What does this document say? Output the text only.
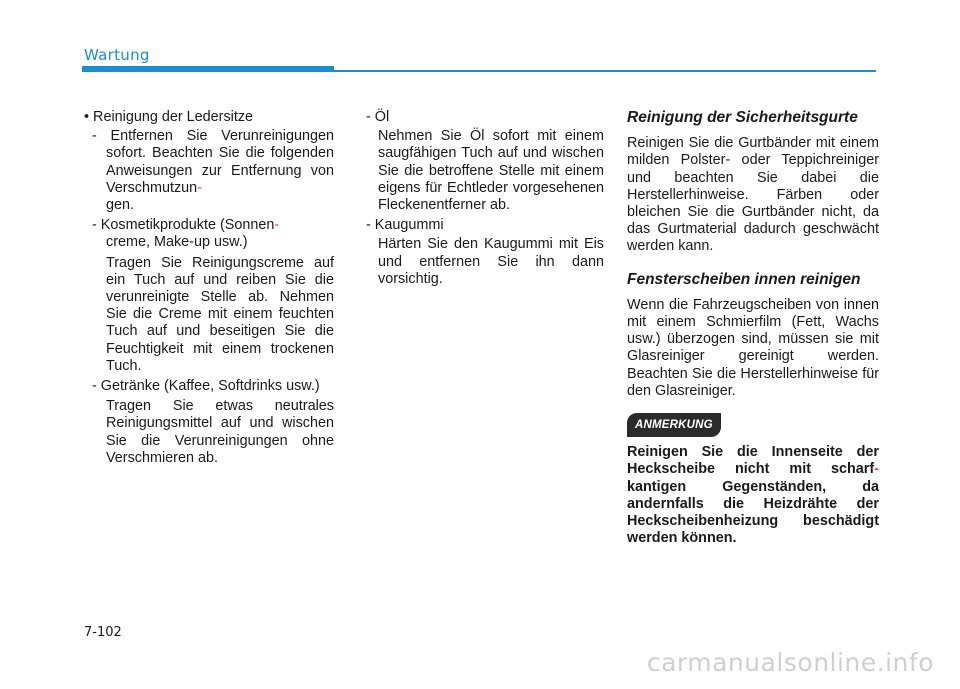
Wartung

• Reinigung der Ledersitze

- Entfernen Sie Verunreinigungen sofort. Beachten Sie die folgenden Anweisungen zur Entfernung von Verschmutzun-
gen.

- Kosmetikprodukte (Sonnen-
creme, Make-up usw.)

Tragen Sie Reinigungscreme auf ein Tuch auf und reiben Sie die verunreinigte Stelle ab. Nehmen Sie die Creme mit einem feuchten Tuch auf und beseitigen Sie die Feuchtigkeit mit einem trockenen Tuch.

- Getränke (Kaffee, Softdrinks usw.)

Tragen Sie etwas neutrales Reinigungsmittel auf und wischen Sie die Verunreinigungen ohne Verschmieren ab.

- Öl

Nehmen Sie Öl sofort mit einem saugfähigen Tuch auf und wischen Sie die betroffene Stelle mit einem eigens für Echtleder vorgesehenen Fleckenentferner ab.

- Kaugummi

Härten Sie den Kaugummi mit Eis und entfernen Sie ihn dann vorsichtig.

Reinigung der Sicherheitsgurte

Reinigen Sie die Gurtbänder mit einem milden Polster- oder Teppichreiniger und beachten Sie dabei die Herstellerhinweise. Färben oder bleichen Sie die Gurtbänder nicht, da das Gurtmaterial dadurch geschwächt werden kann.

Fensterscheiben innen reinigen

Wenn die Fahrzeugscheiben von innen mit einem Schmierfilm (Fett, Wachs usw.) überzogen sind, müssen sie mit Glasreiniger gereinigt werden. Beachten Sie die Herstellerhinweise für den Glasreiniger.

ANMERKUNG

Reinigen Sie die Innenseite der Heckscheibe nicht mit scharf- kantigen Gegenständen, da andernfalls die Heizdrähte der Heckscheibenheizung beschädigt werden können.

7-102
carmanualsonline.info
